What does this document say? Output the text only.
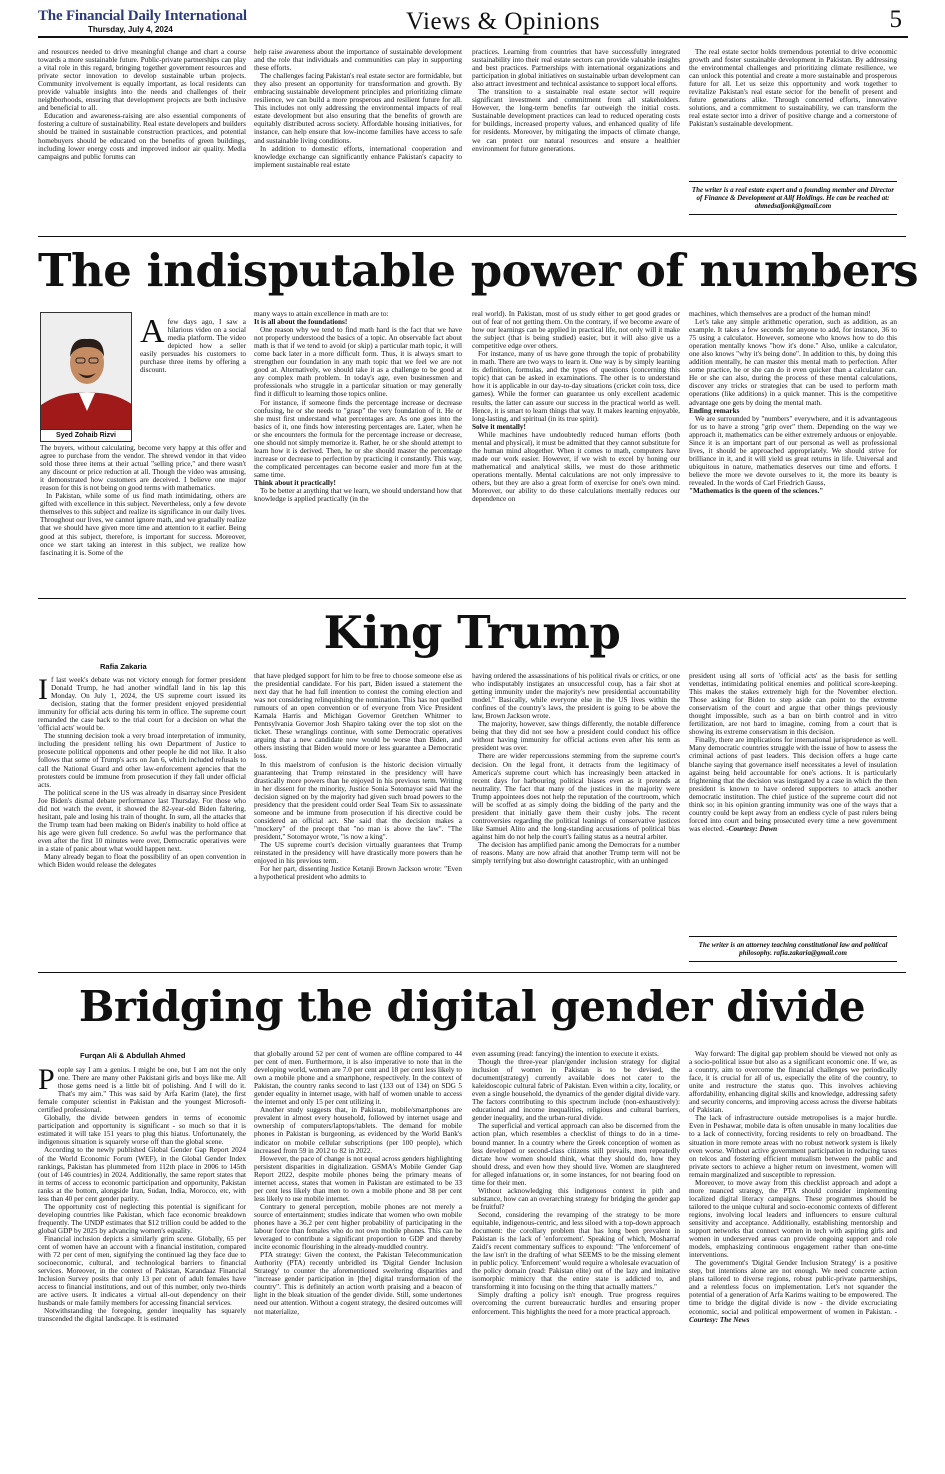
The Financial Daily International
Thursday, July 4, 2024	Views & Opinions	5

and resources needed to drive meaningful change and chart a course towards a more sustainable future. Public-private partnerships can play a vital role in this regard, bringing together government resources and private sector innovation to develop sustainable urban projects. Community involvement is equally important, as local residents can provide valuable insights into the needs and challenges of their neighborhoods, ensuring that development projects are both inclusive and beneficial to all.

Education and awareness-raising are also essential components of fostering a culture of sustainability. Real estate developers and builders should be trained in sustainable construction practices, and potential homebuyers should be educated on the benefits of green buildings, including lower energy costs and improved indoor air quality. Media campaigns and public forums can

help raise awareness about the importance of sustainable development and the role that individuals and communities can play in supporting these efforts.

The challenges facing Pakistan's real estate sector are formidable, but they also present an opportunity for transformation and growth. By embracing sustainable development principles and prioritizing climate resilience, we can build a more prosperous and resilient future for all. This includes not only addressing the environmental impacts of real estate development but also ensuring that the benefits of growth are equitably distributed across society. Affordable housing initiatives, for instance, can help ensure that low-income families have access to safe and sustainable living conditions.

In addition to domestic efforts, international cooperation and knowledge exchange can significantly enhance Pakistan's capacity to implement sustainable real estate

practices. Learning from countries that have successfully integrated sustainability into their real estate sectors can provide valuable insights and best practices. Partnerships with international organizations and participation in global initiatives on sustainable urban development can also attract investment and technical assistance to support local efforts.

The transition to a sustainable real estate sector will require significant investment and commitment from all stakeholders. However, the long-term benefits far outweigh the initial costs. Sustainable development practices can lead to reduced operating costs for buildings, increased property values, and enhanced quality of life for residents. Moreover, by mitigating the impacts of climate change, we can protect our natural resources and ensure a healthier environment for future generations.

The real estate sector holds tremendous potential to drive economic growth and foster sustainable development in Pakistan. By addressing the environmental challenges and prioritizing climate resilience, we can unlock this potential and create a more sustainable and prosperous future for all. Let us seize this opportunity and work together to revitalize Pakistan's real estate sector for the benefit of present and future generations alike. Through concerted efforts, innovative solutions, and a commitment to sustainability, we can transform the real estate sector into a driver of positive change and a cornerstone of Pakistan's sustainable development.

The writer is a real estate expert and a founding member and Director of Finance & Development at Alif Holdings. He can be reached at: ahmedsaljonk@gmail.com
The indisputable power of numbers
Syed Zohaib Rizvi

Afew days ago, I saw a hilarious video on a social media platform. The video depicted how a seller easily persuades his customers to purchase three items by offering a discount.

The buyers, without calculating, become very happy at this offer and agree to purchase from the vendor. The shrewd vendor in that video sold those three items at their actual "selling price," and there wasn't any discount or price reduction at all. Though the video was amusing, it demonstrated how customers are deceived. I believe one major reason for this is not being on good terms with mathematics.

In Pakistan, while some of us find math intimidating, others are gifted with excellence in this subject. Nevertheless, only a few devote themselves to this subject and realize its significance in our daily lives. Throughout our lives, we cannot ignore math, and we gradually realize that we should have given more time and attention to it earlier. Being good at this subject, therefore, is important for success. Moreover, once we start taking an interest in this subject, we realize how fascinating it is. Some of the

many ways to attain excellence in math are to:

It is all about the foundations!

One reason why we tend to find math hard is the fact that we have not properly understood the basics of a topic. An observable fact about math is that if we tend to avoid (or skip) a particular math topic, it will come back later in a more difficult form. Thus, it is always smart to strengthen our foundation in any math topic that we feel we are not good at. Alternatively, we should take it as a challenge to be good at any complex math problem. In today's age, even businessmen and professionals who struggle in a particular situation or may generally find it difficult to learning those topics online.

For instance, if someone finds the percentage increase or decrease confusing, he or she needs to "grasp" the very foundation of it. He or she must first understand what percentages are. As one goes into the basics of it, one finds how interesting percentages are. Later, when he or she encounters the formula for the percentage increase or decrease, one should not simply memorize it. Rather, he or she should attempt to learn how it is derived. Then, he or she should master the percentage increase or decrease to perfection by practicing it constantly. This way, the complicated percentages can become easier and more fun at the same time.

Think about it practically!

To be better at anything that we learn, we should understand how that knowledge is applied practically (in the

real world). In Pakistan, most of us study either to get good grades or out of fear of not getting them. On the contrary, if we become aware of how our learnings can be applied in practical life, not only will it make the subject (that is being studied) easier, but it will also give us a competitive edge over others.

For instance, many of us have gone through the topic of probability in math. There are two ways to learn it. One way is by simply learning its definition, formulas, and the types of questions (concerning this topic) that can be asked in examinations. The other is to understand how it is applicable in our day-to-day situations (cricket coin toss, dice games). While the former can guarantee us only excellent academic results, the latter can assure our success in the practical world as well. Hence, it is smart to learn things that way. It makes learning enjoyable, long-lasting, and spiritual (in its true spirit).

Solve it mentally!

While machines have undoubtedly reduced human efforts (both mental and physical), it must be admitted that they cannot substitute for the human mind altogether. When it comes to math, computers have made our work easier. However, if we wish to excel by honing our mathematical and analytical skills, we must do those arithmetic operations mentally. Mental calculations are not only impressive to others, but they are also a great form of exercise for one's own mind. Moreover, our ability to do these calculations mentally reduces our dependence on

machines, which themselves are a product of the human mind!

Let's take any simple arithmetic operation, such as addition, as an example. It takes a few seconds for anyone to add, for instance, 36 to 75 using a calculator. However, someone who knows how to do this operation mentally knows "how it's done." Also, unlike a calculator, one also knows "why it's being done". In addition to this, by doing this addition mentally, he can master this mental math to perfection. After some practice, he or she can do it even quicker than a calculator can. He or she can also, during the process of these mental calculations, discover any tricks or strategies that can be used to perform math operations (like additions) in a quick manner. This is the competitive advantage one gets by doing the mental math.

Ending remarks

We are surrounded by "numbers" everywhere, and it is advantageous for us to have a strong "grip over" them. Depending on the way we approach it, mathematics can be either extremely arduous or enjoyable. Since it is an important part of our personal as well as professional lives, it should be approached appropriately. We should strive for brilliance in it, and it will yield us great returns in life. Universal and ubiquitous in nature, mathematics deserves our time and efforts. I believe the more we devote ourselves to it, the more its beauty is revealed. In the words of Carl Friedrich Gauss,

"Mathematics is the queen of the sciences."

King Trump
Rafia Zakaria

If last week's debate was not victory enough for former president Donald Trump, he had another windfall land in his lap this Monday. On July 1, 2024, the US supreme court issued its decision, stating that the former president enjoyed presidential immunity for official acts during his term in office. The supreme court remanded the case back to the trial court for a decision on what the 'official acts' would be.

The stunning decision took a very broad interpretation of immunity, including the president telling his own Department of Justice to prosecute political opponents and other people he did not like. It also follows that some of Trump's acts on Jan 6, which included refusals to call the National Guard and other law-enforcement agencies that the protesters could be immune from prosecution if they fall under official acts.

The political scene in the US was already in disarray since President Joe Biden's dismal debate performance last Thursday. For those who did not watch the event, it showed the 82-year-old Biden faltering, hesitant, pale and losing his train of thought. In sum, all the attacks that the Trump team had been making on Biden's inability to hold office at his age were given full credence. So awful was the performance that even after the first 10 minutes were over, Democratic operatives were in a state of panic about what would happen next.

Many already began to float the possibility of an open convention in which Biden would release the delegates

that have pledged support for him to be free to choose someone else as the presidential candidate. For his part, Biden issued a statement the next day that he had full intention to contest the coming election and was not considering relinquishing the nomination. This has not quelled rumours of an open convention or of everyone from Vice President Kamala Harris and Michigan Governor Gretchen Whitmer to Pennsylvania Governor Josh Shapiro taking over the top slot on the ticket. These wranglings continue, with some Democratic operatives arguing that a new candidate now would be worse than Biden, and others insisting that Biden would more or less guarantee a Democratic loss.

In this maelstrom of confusion is the historic decision virtually guaranteeing that Trump reinstated in the presidency will have drastically more powers than he enjoyed in his previous term. Writing in her dissent for the minority, Justice Sonia Sotomayor said that the decision signed on by the majority had given such broad powers to the presidency that the president could order Seal Team Six to assassinate someone and be immune from prosecution if his directive could be considered an official act. She said that the decision makes a "mockery" of the precept that "no man is above the law". "The president," Sotomayor wrote, "is now a king".

The US supreme court's decision virtually guarantees that Trump reinstated in the presidency will have drastically more powers than he enjoyed in his previous term.

For her part, dissenting Justice Ketanji Brown Jackson wrote: "Even a hypothetical president who admits to

having ordered the assassinations of his political rivals or critics, or one who indisputably instigates an unsuccessful coup, has a fair shot at getting immunity under the majority's new presidential accountability model." Basically, while everyone else in the US lives within the confines of the country's laws, the president is going to be above the law, Brown Jackson wrote.

The majority, however, saw things differently, the notable difference being that they did not see how a president could conduct his office without having immunity for official actions even after his term as president was over.

There are wider repercussions stemming from the supreme court's decision. On the legal front, it detracts from the legitimacy of America's supreme court which has increasingly been attacked in recent days for harbouring political biases even as it pretends at neutrality. The fact that many of the justices in the majority were Trump appointees does not help the reputation of the courtroom, which will be scoffed at as simply doing the bidding of the party and the president that initially gave them their cushy jobs. The recent controversies regarding the political leanings of conservative justices like Samuel Alito and the long-standing accusations of political bias against him do not help the court's failing status as a neutral arbiter.

The decision has amplified panic among the Democrats for a number of reasons. Many are now afraid that another Trump term will not be simply terrifying but also downright catastrophic, with an unhinged

president using all sorts of 'official acts' as the basis for settling vendettas, intimidating political enemies and political score-keeping. This makes the stakes extremely high for the November election. Those asking for Biden to step aside can point to the extreme conservatism of the court and argue that other things previously thought impossible, such as a ban on birth control and in vitro fertilization, are not hard to imagine, coming from a court that is showing its extreme conservatism in this decision.

Finally, there are implications for international jurisprudence as well. Many democratic countries struggle with the issue of how to assess the criminal actions of past leaders. This decision offers a huge carte blanche saying that governance itself necessitates a level of insulation against being held accountable for one's actions. It is particularly frightening that the decision was instigated by a case in which the then president is known to have ordered supporters to attack another democratic institution. The chief justice of the supreme court did not think so; in his opinion granting immunity was one of the ways that a country could be kept away from an endless cycle of past rulers being forced into court and being prosecuted every time a new government was elected. -Courtesy: Dawn

The writer is an attorney teaching constitutional law and political philosophy. rafia.zakaria@gmail.com
Bridging the digital gender divide
Furqan Ali & Abdullah Ahmed

People say I am a genius. I might be one, but I am not the only one. There are many other Pakistani girls and boys like me. All those gems need is a little bit of polishing. And I will do it. That's my aim." This was said by Arfa Karim (late), the first female computer scientist in Pakistan and the youngest Microsoft-certified professional.

Globally, the divide between genders in terms of economic participation and opportunity is significant - so much so that it is estimated it will take 151 years to plug this hiatus. Unfortunately, the indigenous situation is squarely worse off than the global scene.

According to the newly published Global Gender Gap Report 2024 of the World Economic Forum (WEF), in the Global Gender Index rankings, Pakistan has plummeted from 112th place in 2006 to 145th (out of 146 countries) in 2024. Additionally, the same report states that in terms of access to economic participation and opportunity, Pakistan ranks at the bottom, alongside Iran, Sudan, India, Morocco, etc, with less than 40 per cent gender parity.

The opportunity cost of neglecting this potential is significant for developing countries like Pakistan, which face economic breakdown frequently. The UNDP estimates that $12 trillion could be added to the global GDP by 2025 by advancing women's equality.

Financial inclusion depicts a similarly grim scene. Globally, 65 per cent of women have an account with a financial institution, compared with 72 per cent of men, signifying the continued lag they face due to socioeconomic, cultural, and technological barriers to financial services. Moreover, in the context of Pakistan, Karandaaz Financial Inclusion Survey posits that only 13 per cent of adult females have access to financial institutions, and out of this number, only two-thirds are active users. It indicates a virtual all-out dependency on their husbands or male family members for accessing financial services.

Notwithstanding the foregoing, gender inequality has squarely transcended the digital landscape. It is estimated

that globally around 52 per cent of women are offline compared to 44 per cent of men. Furthermore, it is also imperative to note that in the developing world, women are 7.0 per cent and 18 per cent less likely to own a mobile phone and a smartphone, respectively. In the context of Pakistan, the country ranks second to last (133 out of 134) on SDG 5 gender equality in internet usage, with half of women unable to access the internet and only 15 per cent utilizing it.

Another study suggests that, in Pakistan, mobile/smartphones are prevalent in almost every household, followed by internet usage and ownership of computers/laptops/tablets. The demand for mobile phones in Pakistan is burgeoning, as evidenced by the World Bank's indicator on mobile cellular subscriptions (per 100 people), which increased from 59 in 2012 to 82 in 2022.

However, the pace of change is not equal across genders highlighting persistent disparities in digitalization. GSMA's Mobile Gender Gap Report 2022, despite mobile phones being the primary means of internet access, states that women in Pakistan are estimated to be 33 per cent less likely than men to own a mobile phone and 38 per cent less likely to use mobile internet.

Contrary to general perception, mobile phones are not merely a source of entertainment; studies indicate that women who own mobile phones have a 36.2 per cent higher probability of participating in the labour force than females who do not own mobile phones. This can be leveraged to contribute a significant proportion to GDP and thereby incite economic flourishing in the already-muddled country.

PTA strategy: Given the context, the Pakistan Telecommunication Authority (PTA) recently unbridled its 'Digital Gender Inclusion Strategy' to counter the aforementioned sweltering disparities and "increase gender participation in [the] digital transformation of the country". This is definitely an action worth praising and a beacon of light in the bleak situation of the gender divide. Still, some undertones need our attention. Without a cogent strategy, the desired outcomes will not materialize,

even assuming (read: fancying) the intention to execute it exists.

Though the three-year plan/gender inclusion strategy for digital inclusion of women in Pakistan is to be devised, the document(strategy) currently available does not cater to the kaleidoscopic cultural fabric of Pakistan. Even within a city, locality, or even a single household, the dynamics of the gender digital divide vary. The factors contributing to this spectrum include (non-exhaustively): educational and income inequalities, religious and cultural barriers, gender inequality, and the urban-rural divide.

The superficial and vertical approach can also be discerned from the action plan, which resembles a checklist of things to do in a time-bound manner. In a country where the Greek conception of women as less developed or second-class citizens still prevails, men repeatedly dictate how women should think, what they should do, how they should dress, and even how they should live. Women are slaughtered for alleged infatuations or, in some instances, for not bearing food on time for their men.

Without acknowledging this indigenous context in pith and substance, how can an overarching strategy for bridging the gender gap be fruitful?

Second, considering the revamping of the strategy to be more equitable, indigenous-centric, and less siloed with a top-down approach document: the corollary problem that has long been prevalent in Pakistan is the lack of 'enforcement'. Speaking of which, Mosharraf Zaidi's recent commentary suffices to expound: "The 'enforcement' of the law isn't in the drafting of what SEEMS to be the missing element in public policy. 'Enforcement' would require a wholesale evacuation of the policy domain (read: Pakistan elite) out of the lazy and imitative isomorphic mimicry that the entire state is addicted to, and transforming it into focusing on the thing that actually matters."

Simply drafting a policy isn't enough. True progress requires overcoming the current bureaucratic hurdles and ensuring proper enforcement. This highlights the need for a more practical approach.

Way forward: The digital gap problem should be viewed not only as a socio-political issue but also as a significant economic one. If we, as a country, aim to overcome the financial challenges we periodically face, it is crucial for all of us, especially the elite of the country, to unite and restructure the status quo. This involves achieving affordability, enhancing digital skills and knowledge, addressing safety and security concerns, and improving access across the diverse habitats of Pakistan.

The lack of infrastructure outside metropolises is a major hurdle. Even in Peshawar, mobile data is often unusable in many localities due to a lack of connectivity, forcing residents to rely on broadband. The situation in more remote areas with no robust network system is likely even worse. Without active government participation in reducing taxes on telcos and fostering efficient mutualism between the public and private sectors to achieve a higher return on investment, women will remain marginalized and susceptible to repression.

Moreover, to move away from this checklist approach and adopt a more nuanced strategy, the PTA should consider implementing localized digital literacy campaigns. These programmes should be tailored to the unique cultural and socio-economic contexts of different regions, involving local leaders and influencers to ensure cultural sensitivity and acceptance. Additionally, establishing mentorship and support networks that connect women in tech with aspiring girls and women in underserved areas can provide ongoing support and role models, emphasizing continuous engagement rather than one-time interventions.

The government's 'Digital Gender Inclusion Strategy' is a positive step, but intentions alone are not enough. We need concrete action plans tailored to diverse regions, robust public-private partnerships, and a relentless focus on implementation. Let's not squander the potential of a generation of Arfa Karims waiting to be empowered. The time to bridge the digital divide is now - the divide excruciating economic, social and political empowerment of women in Pakistan. -Courtesy: The News
